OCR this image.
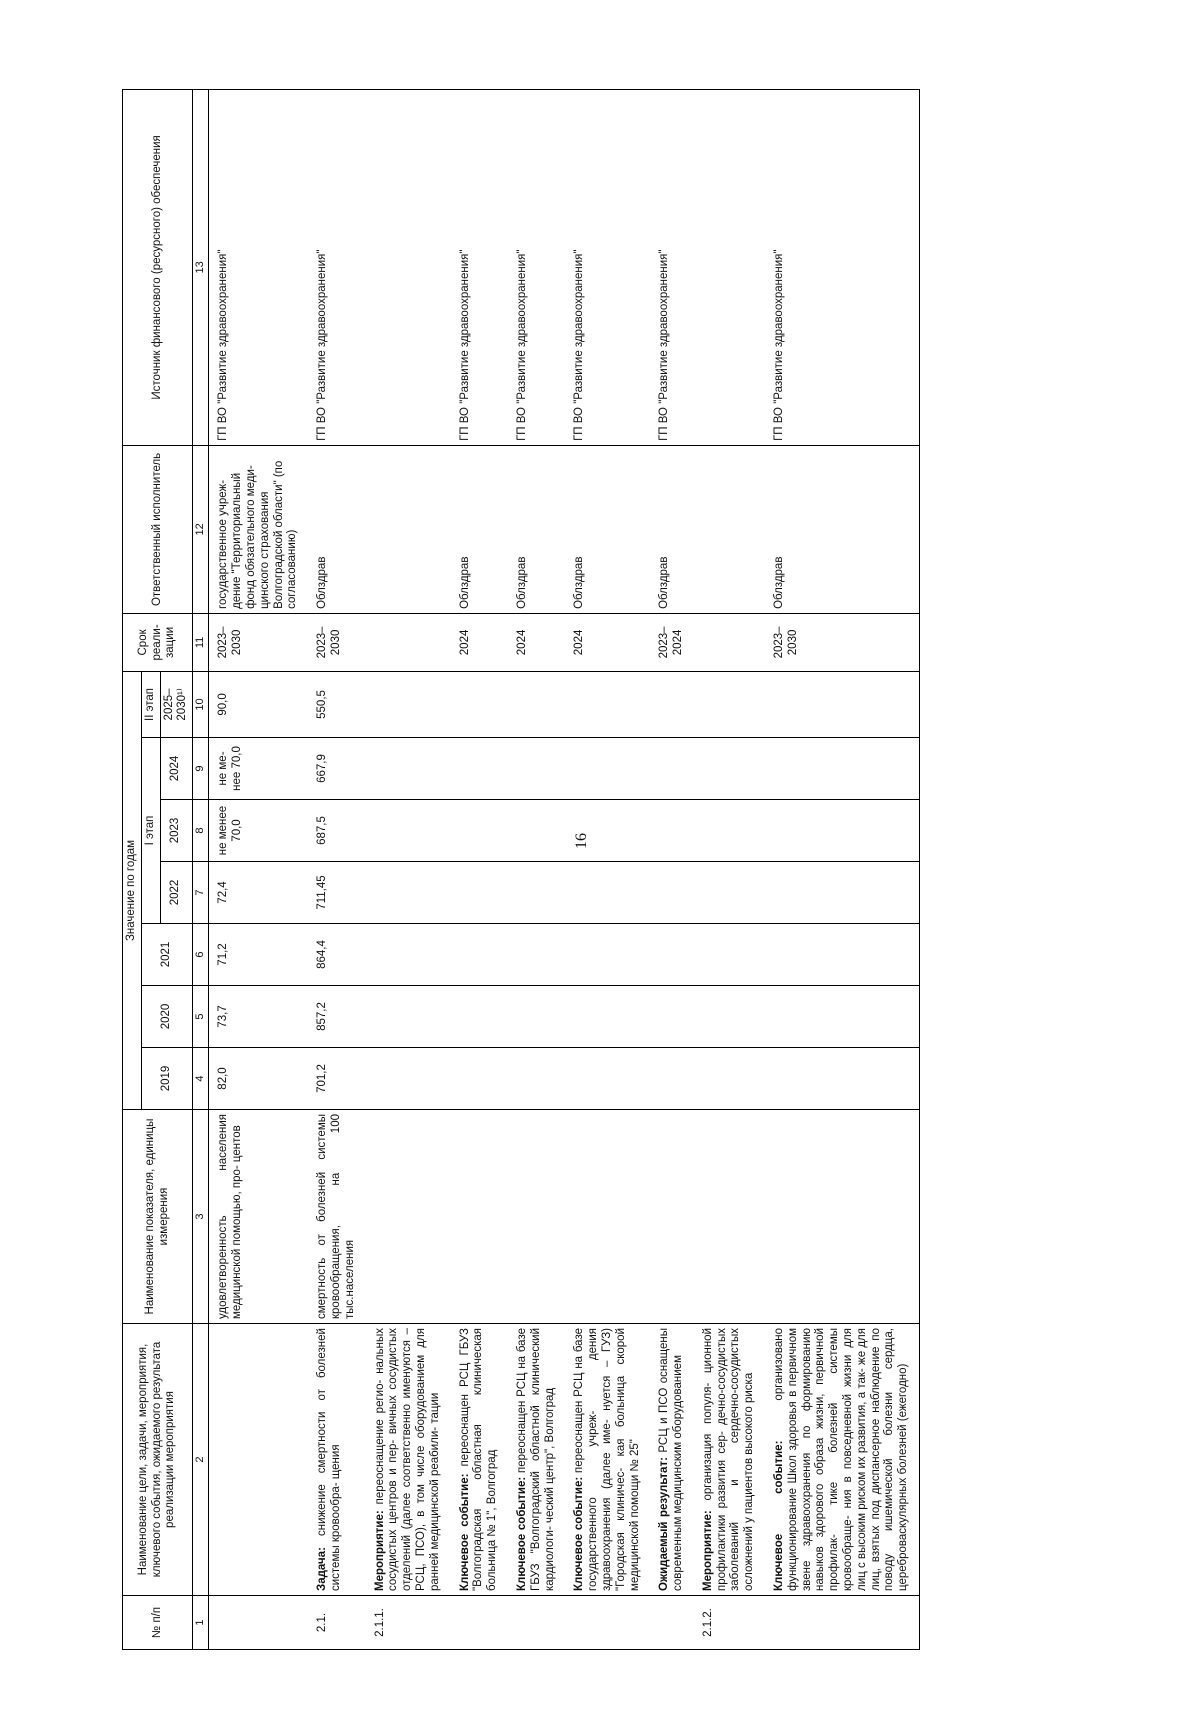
16
№ п/п	Наименование цели, задачи, мероприятия, ключевого события, ожидаемого результата реализации мероприятия	Наименование показателя, единицы измерения	Значение по годам							Срок реали- зации	Ответственный исполнитель	Источник финансового (ресурсного) обеспечения
			2019	2020	2021	I этап			II этап			
						2022	2023	2024	2025–2030¹⁾			
1	2	3	4	5	6	7	8	9	10	11	12	13
		удовлетворенность населения медицинской помощью, про- центов	82,0	73,7	71,2	72,4	не менее 70,0	не ме- нее 70,0	90,0	2023– 2030	государственное учреж- дение "Территориальный фонд обязательного меди- цинского страхования Волгоградской области" (по согласованию)	ГП ВО "Развитие здравоохранения"
2.1.	Задача: снижение смертности от болезней системы кровообра- щения	смертность от болезней системы кровообращения, на 100 тыс.населения	701,2	857,2	864,4	711,45	687,5	667,9	550,5	2023– 2030	Облздрав	ГП ВО "Развитие здравоохранения"
2.1.1.	Мероприятие: переоснащение регио- нальных сосудистых центров и пер- вичных сосудистых отделений (далее соответственно именуются – РСЦ, ПСО), в том числе оборудованием для ранней медицинской реабили- тации											
	Ключевое событие: переоснащен РСЦ ГБУЗ "Волгоградская областная клиническая больница № 1", Волгоград									2024	Облздрав	ГП ВО "Развитие здравоохранения"
	Ключевое событие: переоснащен РСЦ на базе ГБУЗ "Волгоградский областной клинический кардиологи- ческий центр", Волгоград									2024	Облздрав	ГП ВО "Развитие здравоохранения"
	Ключевое событие: переоснащен РСЦ на базе государственного учреж- дения здравоохранения (далее име- нуется – ГУЗ) "Городская клиничес- кая больница скорой медицинской помощи № 25"									2024	Облздрав	ГП ВО "Развитие здравоохранения"
	Ожидаемый результат: РСЦ и ПСО оснащены современным медицинским оборудованием									2023– 2024	Облздрав	ГП ВО "Развитие здравоохранения"
2.1.2.	Мероприятие: организация популя- ционной профилактики развития сер- дечно-сосудистых заболеваний и сердечно-сосудистых осложнений у пациентов высокого риска											
	Ключевое событие: организовано функционирование Школ здоровья в первичном звене здравоохранения по формированию навыков здорового образа жизни, первичной профилак- тике болезней системы кровообраще- ния в повседневной жизни для лиц с высоким риском их развития, а так- же для лиц, взятых под диспансерное наблюдение по поводу ишемической болезни сердца, цереброваскулярных болезней (ежегодно)									2023– 2030	Облздрав	ГП ВО "Развитие здравоохранения"
